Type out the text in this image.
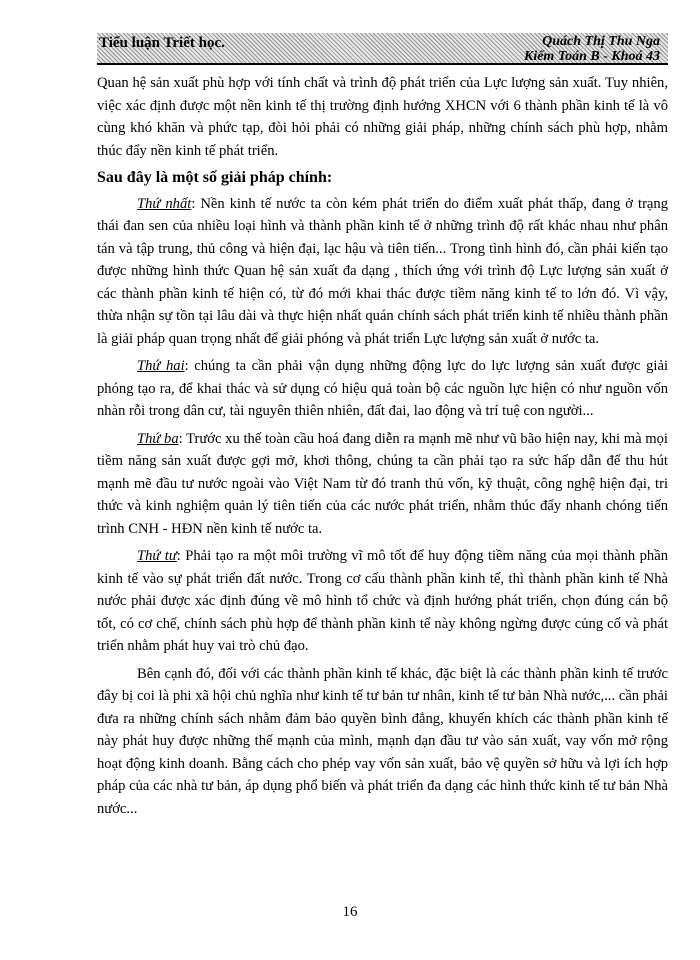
Tiểu luận Triết học.	Quách Thị Thu Nga
Kiểm Toán B - Khoá 43

Quan hệ sản xuất phù hợp với tính chất và trình độ phát triển của Lực lượng sản xuất. Tuy nhiên, việc xác định được một nền kinh tế thị trường định hướng XHCN với 6 thành phần kinh tế là vô cùng khó khăn và phức tạp, đòi hỏi phải có những giải pháp, những chính sách phù hợp, nhằm thúc đẩy nền kinh tế phát triển.

Sau đây là một số giải pháp chính:

Thứ nhất: Nền kinh tế nước ta còn kém phát triển do điểm xuất phát thấp, đang ở trạng thái đan sen của nhiều loại hình và thành phần kinh tế ở những trình độ rất khác nhau như phân tán và tập trung, thủ công và hiện đại, lạc hậu và tiên tiến... Trong tình hình đó, cần phải kiến tạo được những hình thức Quan hệ sản xuất đa dạng , thích ứng với trình độ Lực lượng sản xuất ở các thành phần kinh tế hiện có, từ đó mới khai thác được tiềm năng kinh tế to lớn đó. Vì vậy, thừa nhận sự tồn tại lâu dài và thực hiện nhất quán chính sách phát triển kinh tế nhiều thành phần là giải pháp quan trọng nhất để giải phóng và phát triển Lực lượng sản xuất ở nước ta.

Thứ hai: chúng ta cần phải vận dụng những động lực do lực lượng sản xuất được giải phóng tạo ra, để khai thác và sử dụng có hiệu quả toàn bộ các nguồn lực hiện có như nguồn vốn nhàn rỗi trong dân cư, tài nguyên thiên nhiên, đất đai, lao động và trí tuệ con người...

Thứ ba: Trước xu thế toàn cầu hoá đang diễn ra mạnh mẽ như vũ bão hiện nay, khi mà mọi tiềm năng sản xuất được gợi mở, khơi thông, chúng ta cần phải tạo ra sức hấp dẫn để thu hút mạnh mẽ đầu tư nước ngoài vào Việt Nam từ đó tranh thủ vốn, kỹ thuật, công nghệ hiện đại, tri thức và kinh nghiệm quản lý tiên tiến của các nước phát triển, nhằm thúc đẩy nhanh chóng tiến trình CNH - HĐN nền kinh tế nước ta.

Thứ tư: Phải tạo ra một môi trường vĩ mô tốt để huy động tiềm năng của mọi thành phần kinh tế vào sự phát triển đất nước. Trong cơ cấu thành phần kinh tế, thì thành phần kinh tế Nhà nước phải được xác định đúng về mô hình tổ chức và định hướng phát triển, chọn đúng cán bộ tốt, có cơ chế, chính sách phù hợp để thành phần kinh tế này không ngừng được củng cố và phát triển nhằm phát huy vai trò chủ đạo.

Bên cạnh đó, đối với các thành phần kinh tế khác, đặc biệt là các thành phần kinh tế trước đây bị coi là phi xã hội chủ nghĩa như kinh tế tư bản tư nhân, kinh tế tư bản Nhà nước,... cần phải đưa ra những chính sách nhằm đảm bảo quyền bình đẳng, khuyến khích các thành phần kinh tế này phát huy được những thế mạnh của mình, mạnh dạn đầu tư vào sản xuất, vay vốn mở rộng hoạt động kinh doanh. Bằng cách cho phép vay vốn sản xuất, bảo vệ quyền sở hữu và lợi ích hợp pháp của các nhà tư bản, áp dụng phổ biến và phát triển đa dạng các hình thức kinh tế tư bản Nhà nước...

16
